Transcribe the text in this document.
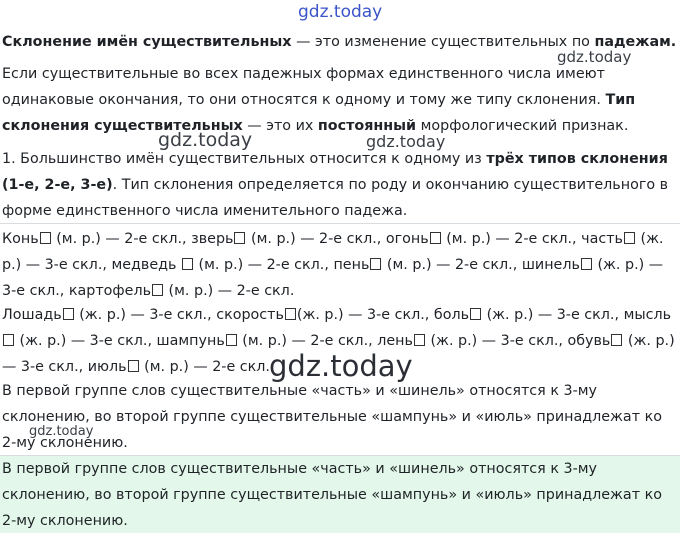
gdz.today

Склонение имён существительных — это изменение существительных по падежам.

Если существительные во всех падежных формах единственного числа имеют одинаковые окончания, то они относятся к одному и тому же типу склонения. Тип склонения существительных — это их постоянный морфологический признак.

gdz.today

1. Большинство имён существительных относится к одному из трёх типов склонения (1-е, 2-е, 3-е). Тип склонения определяется по роду и окончанию существительного в форме единственного числа именительного падежа.

gdz.today	gdz.today

Конь (м. р.) — 2-е скл., зверь (м. р.) — 2-е скл., огонь (м. р.) — 2-е скл., часть (ж. р.) — 3-е скл., медведь  (м. р.) — 2-е скл., пень (м. р.) — 2-е скл., шинель (ж. р.) — 3-е скл., картофель (м. р.) — 2-е скл.

Лошадь (ж. р.) — 3-е скл., скорость (ж. р.) — 3-е скл., боль (ж. р.) — 3-е скл., мысль (ж. р.) — 3-е скл., шампунь (м. р.) — 2-е скл., лень (ж. р.) — 3-е скл., обувь (ж. р.) — 3-е скл., июль (м. р.) — 2-е скл. gdz.today

В первой группе слов существительные «часть» и «шинель» относятся к 3-му склонению, во второй группе существительные «шампунь» и «июль» принадлежат ко 2-му склонению.

gdz.today

В первой группе слов существительные «часть» и «шинель» относятся к 3-му склонению, во второй группе существительные «шампунь» и «июль» принадлежат ко 2-му склонению.
